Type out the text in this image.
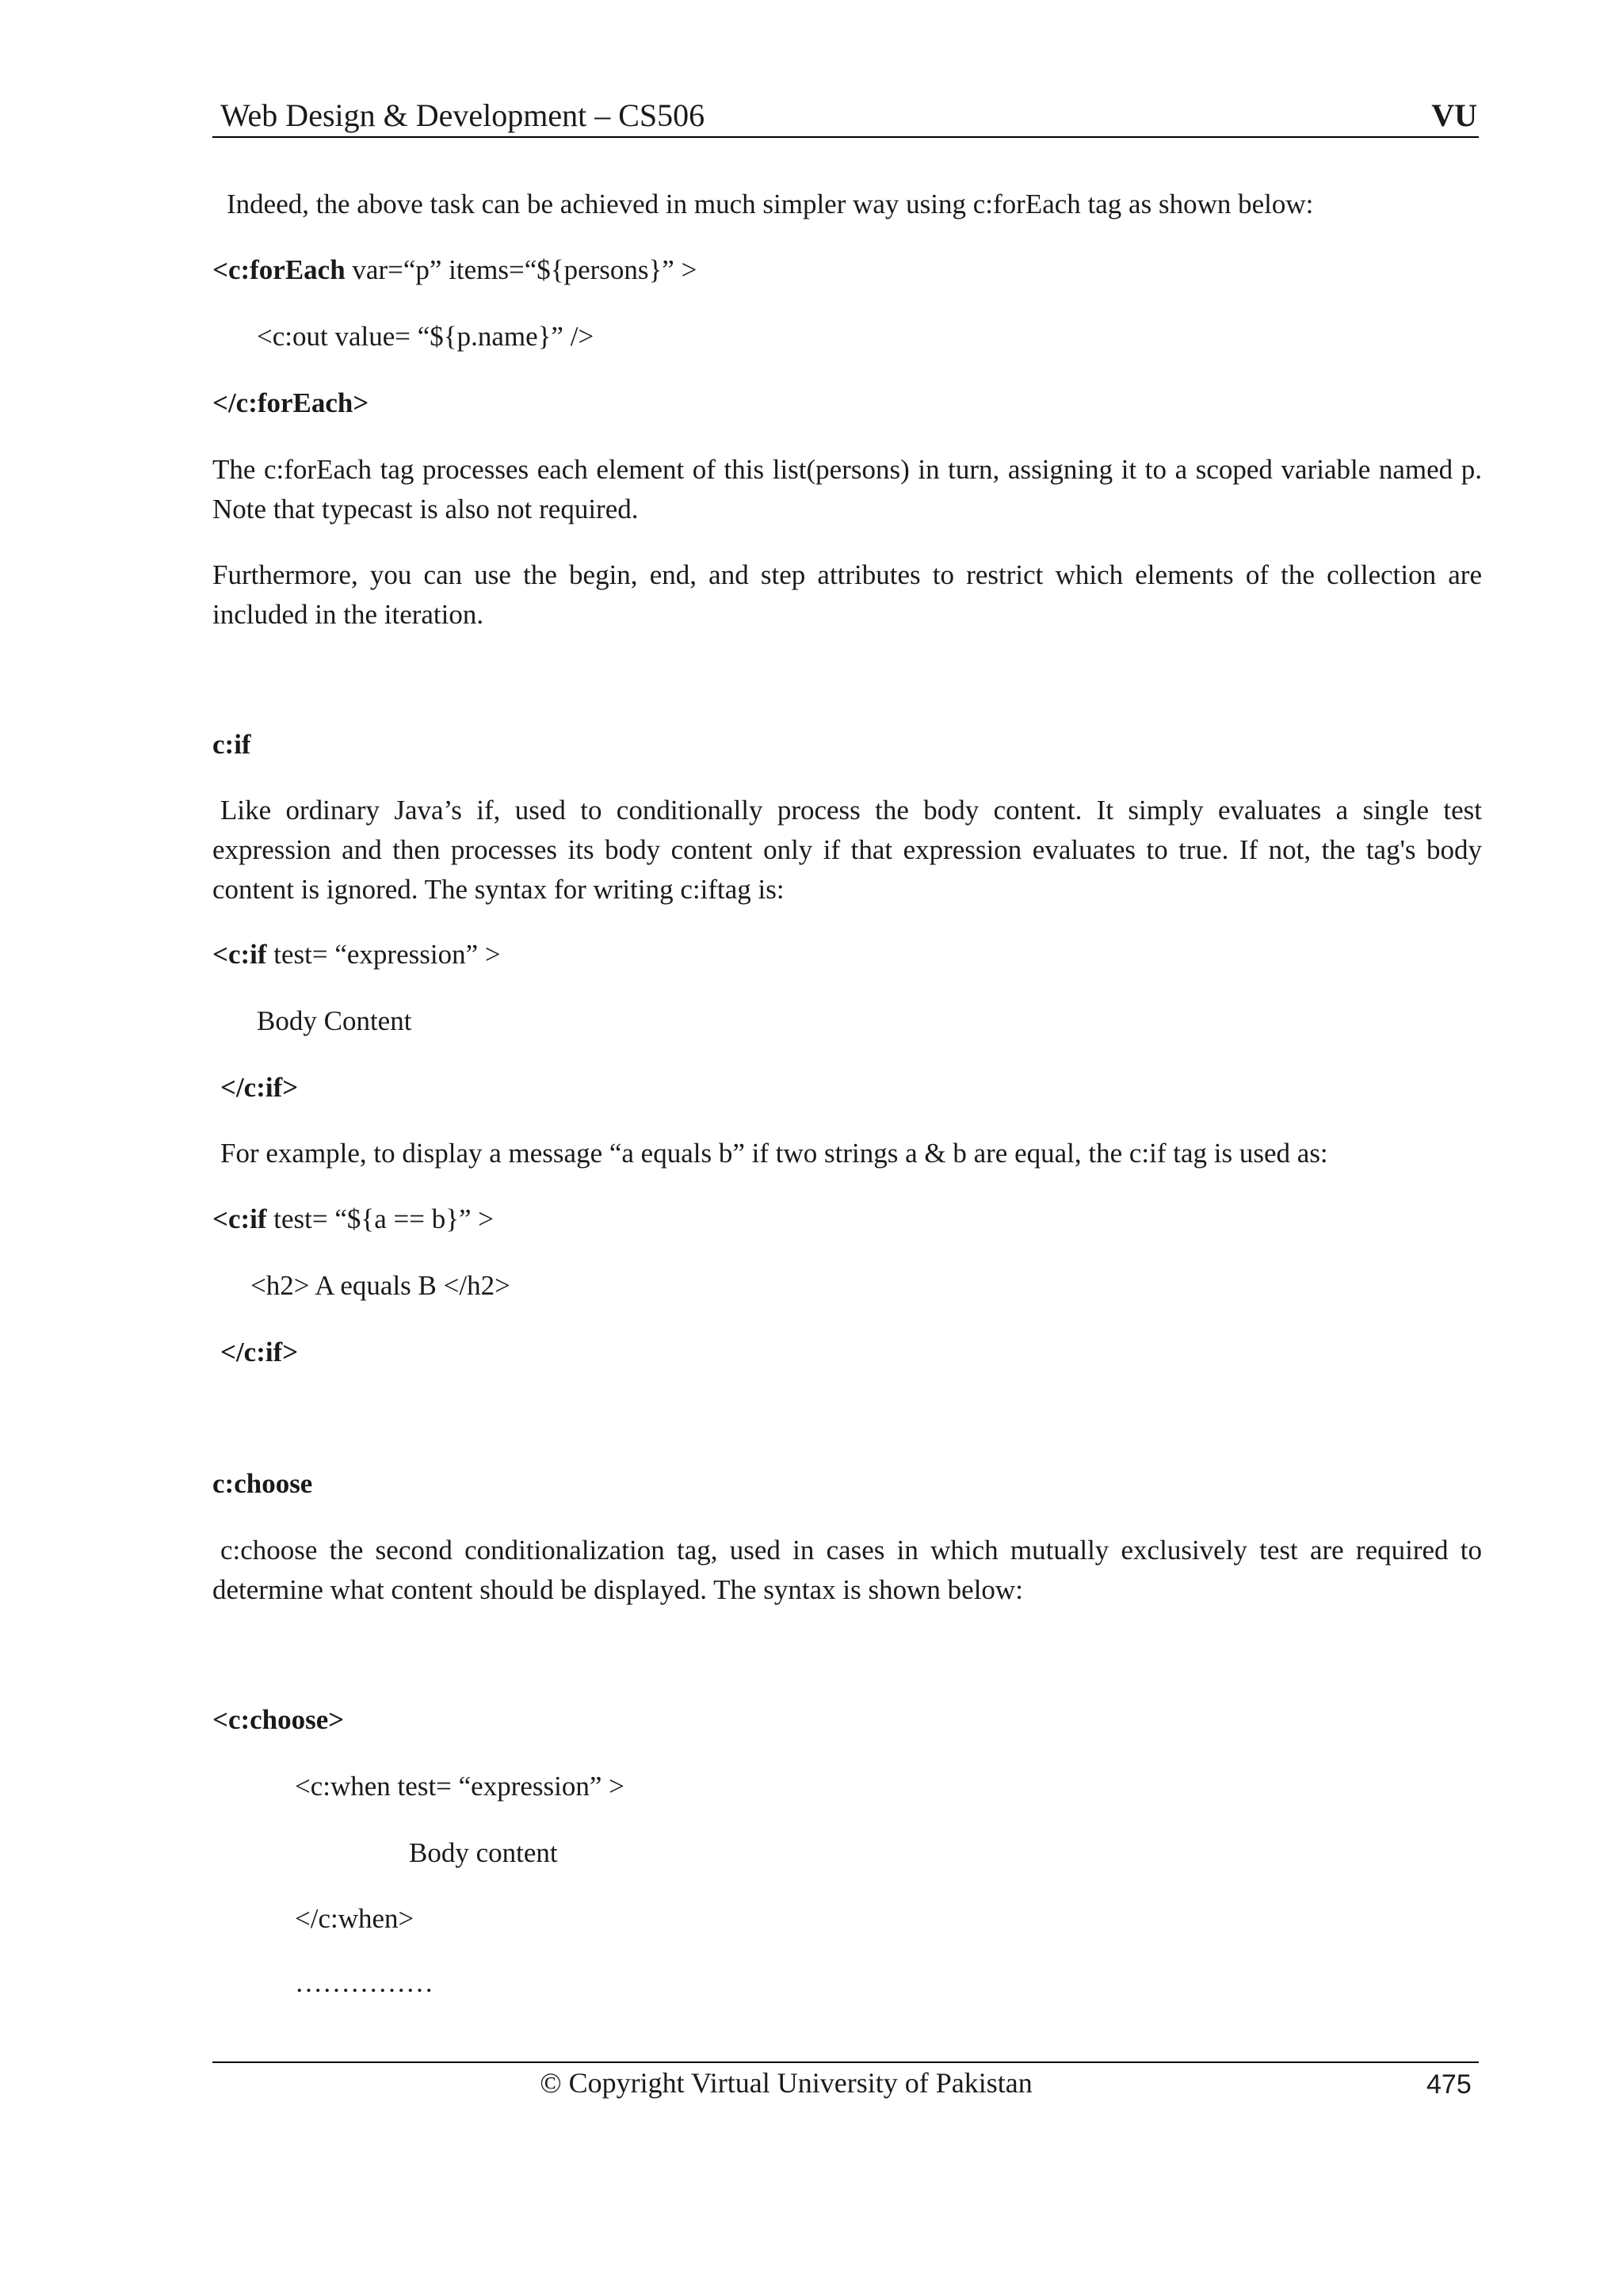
Web Design & Development – CS506	VU
Indeed, the above task can be achieved in much simpler way using c:forEach tag as shown below:
<c:forEach var=“p” items=“${persons}” >
<c:out value= “${p.name}” />
</c:forEach>
The c:forEach tag processes each element of this list(persons) in turn, assigning it to a scoped variable named p. Note that typecast is also not required.
Furthermore, you can use the begin, end, and step attributes to restrict which elements of the collection are included in the iteration.
c:if
Like ordinary Java’s if, used to conditionally process the body content. It simply evaluates a single test expression and then processes its body content only if that expression evaluates to true. If not, the tag's body content is ignored. The syntax for writing c:iftag is:
<c:if test= “expression” >
Body Content
</c:if>
For example, to display a message “a equals b” if two strings a & b are equal, the c:if tag is used as:
<c:if test= “${a == b}” >
<h2> A equals B </h2>
</c:if>
c:choose
c:choose the second conditionalization tag, used in cases in which mutually exclusively test are required to determine what content should be displayed. The syntax is shown below:
<c:choose>
<c:when test= “expression” >
Body content
</c:when>
……………
© Copyright Virtual University of Pakistan	475
